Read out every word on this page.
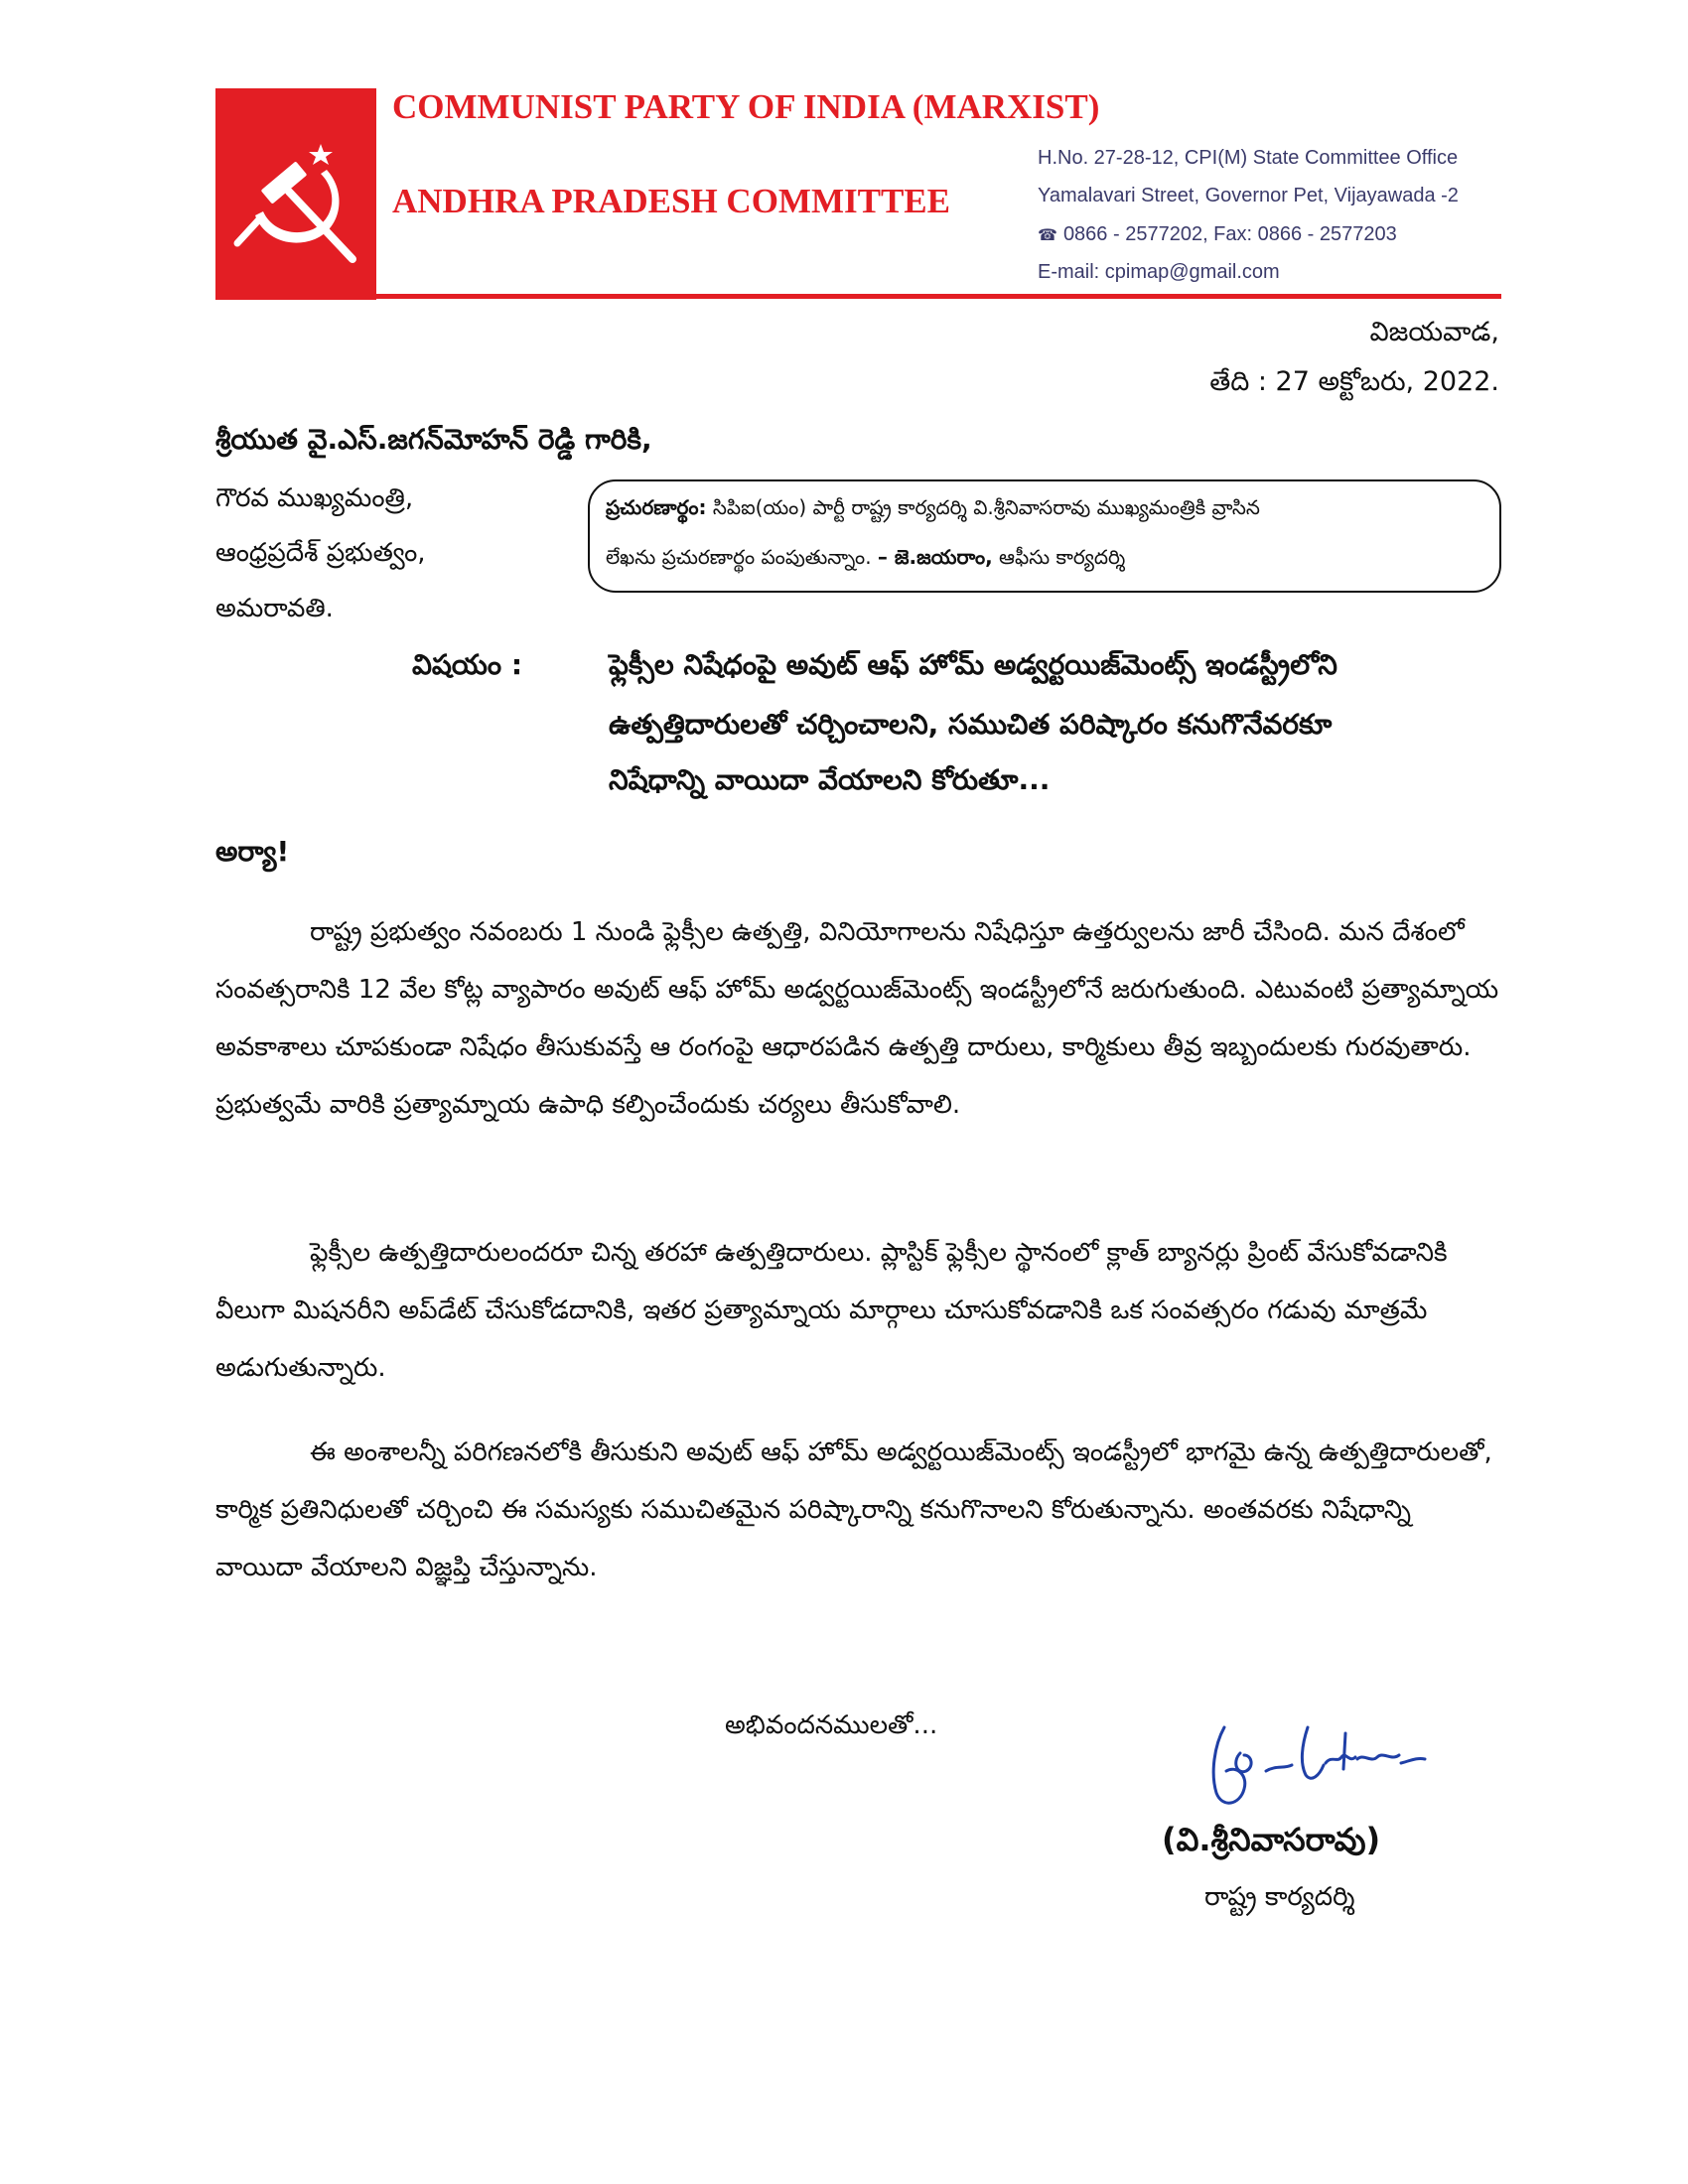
COMMUNIST PARTY OF INDIA (MARXIST)
ANDHRA PRADESH COMMITTEE
H.No. 27-28-12, CPI(M) State Committee Office
Yamalavari Street, Governor Pet, Vijayawada -2
☎ 0866 - 2577202, Fax: 0866 - 2577203
E-mail: cpimap@gmail.com
విజయవాడ,
తేది : 27 అక్టోబరు, 2022.
శ్రీయుత వై.ఎస్.జగన్‌మోహన్ రెడ్డి గారికి,
గౌరవ ముఖ్యమంత్రి,
ఆంధ్రప్రదేశ్ ప్రభుత్వం,
అమరావతి.
ప్రచురణార్థం: సిపిఐ(యం) పార్టీ రాష్ట్ర కార్యదర్శి వి.శ్రీనివాసరావు ముఖ్యమంత్రికి వ్రాసిన
లేఖను ప్రచురణార్థం పంపుతున్నాం. – జె.జయరాం, ఆఫీసు కార్యదర్శి
విషయం :	ఫ్లెక్సీల నిషేధంపై అవుట్ ఆఫ్ హోమ్ అడ్వర్టయిజ్‌మెంట్స్ ఇండస్ట్రీలోని
ఉత్పత్తిదారులతో చర్చించాలని, సముచిత పరిష్కారం కనుగొనేవరకూ
నిషేధాన్ని వాయిదా వేయాలని కోరుతూ...
అర్యా!
రాష్ట్ర ప్రభుత్వం నవంబరు 1 నుండి ఫ్లెక్సీల ఉత్పత్తి, వినియోగాలను నిషేధిస్తూ ఉత్తర్వులను జారీ చేసింది. మన దేశంలో సంవత్సరానికి 12 వేల కోట్ల వ్యాపారం అవుట్ ఆఫ్ హోమ్ అడ్వర్టయిజ్‌మెంట్స్ ఇండస్ట్రీలోనే జరుగుతుంది. ఎటువంటి ప్రత్యామ్నాయ అవకాశాలు చూపకుండా నిషేధం తీసుకువస్తే ఆ రంగంపై ఆధారపడిన ఉత్పత్తి దారులు, కార్మికులు తీవ్ర ఇబ్బందులకు గురవుతారు. ప్రభుత్వమే వారికి ప్రత్యామ్నాయ ఉపాధి కల్పించేందుకు చర్యలు తీసుకోవాలి.
ఫ్లెక్సీల ఉత్పత్తిదారులందరూ చిన్న తరహా ఉత్పత్తిదారులు. ప్లాస్టిక్ ఫ్లెక్సీల స్థానంలో క్లాత్ బ్యానర్లు ప్రింట్ వేసుకోవడానికి వీలుగా మిషనరీని అప్‌డేట్ చేసుకోడదానికి, ఇతర ప్రత్యామ్నాయ మార్గాలు చూసుకోవడానికి ఒక సంవత్సరం గడువు మాత్రమే అడుగుతున్నారు.
ఈ అంశాలన్నీ పరిగణనలోకి తీసుకుని అవుట్ ఆఫ్ హోమ్ అడ్వర్టయిజ్‌మెంట్స్ ఇండస్ట్రీలో భాగమై ఉన్న ఉత్పత్తిదారులతో, కార్మిక ప్రతినిధులతో చర్చించి ఈ సమస్యకు సముచితమైన పరిష్కారాన్ని కనుగొనాలని కోరుతున్నాను. అంతవరకు నిషేధాన్ని వాయిదా వేయాలని విజ్ఞప్తి చేస్తున్నాను.
అభివందనములతో...
(వి.శ్రీనివాసరావు)
రాష్ట్ర కార్యదర్శి
